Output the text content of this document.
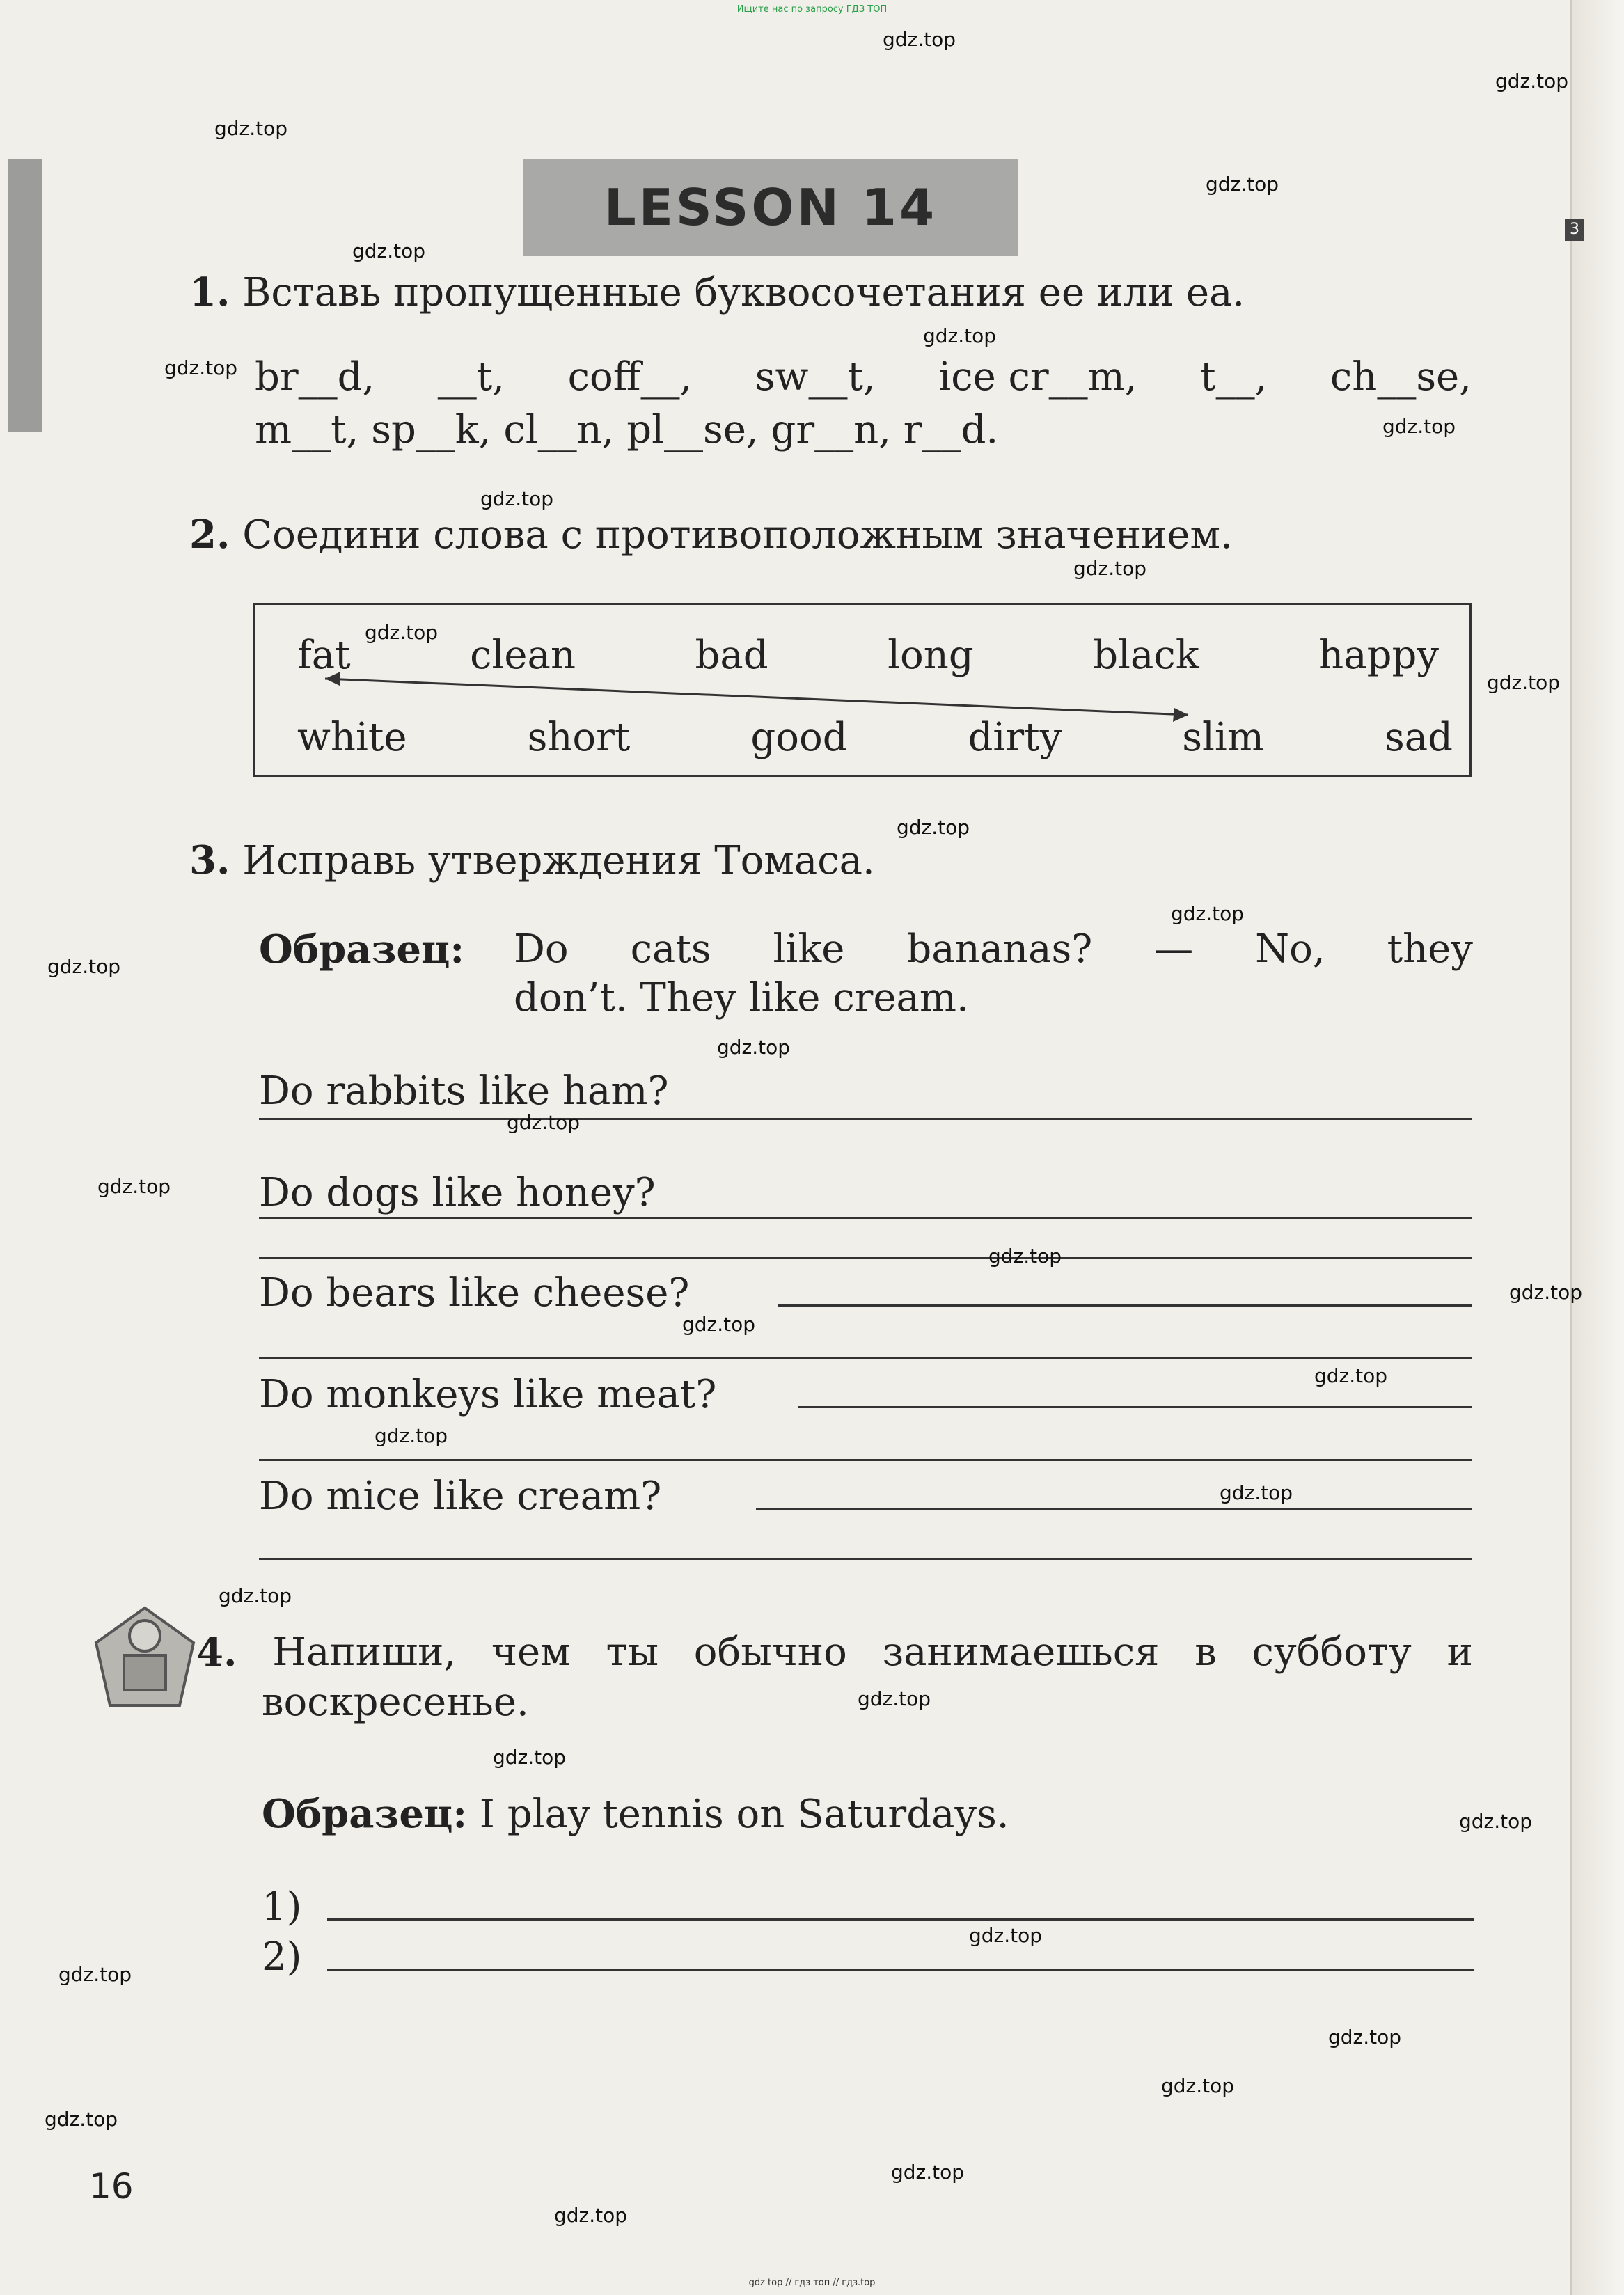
3
Ищите нас по запросу ГДЗ ТОП
LESSON 14
1. Вставь пропущенные буквосочетания ee или ea.
br__d, __t, coff__, sw__t, ice cr__m, t__, ch__se,
m__t, sp__k, cl__n, pl__se, gr__n, r__d.
2. Соедини слова с противоположным значением.
fat	clean	bad	long	black	happy
white	short	good	dirty	slim	sad
3. Исправь утверждения Томаса.
Образец: Do cats like bananas? — No, they
don’t. They like cream.
Do rabbits like ham?
Do dogs like honey?
Do bears like cheese?
Do monkeys like meat?
Do mice like cream?
4. Напиши, чем ты обычно занимаешься в субботу и
воскресенье.
Образец: I play tennis on Saturdays.
1)
2)
16
gdz top // гдз топ // гдз.top
gdz.top
gdz.top
gdz.top
gdz.top
gdz.top
gdz.top
gdz.top
gdz.top
gdz.top
gdz.top
gdz.top
gdz.top
gdz.top
gdz.top
gdz.top
gdz.top
gdz.top
gdz.top
gdz.top
gdz.top
gdz.top
gdz.top
gdz.top
gdz.top
gdz.top
gdz.top
gdz.top
gdz.top
gdz.top
gdz.top
gdz.top
gdz.top
gdz.top
gdz.top
gdz.top
